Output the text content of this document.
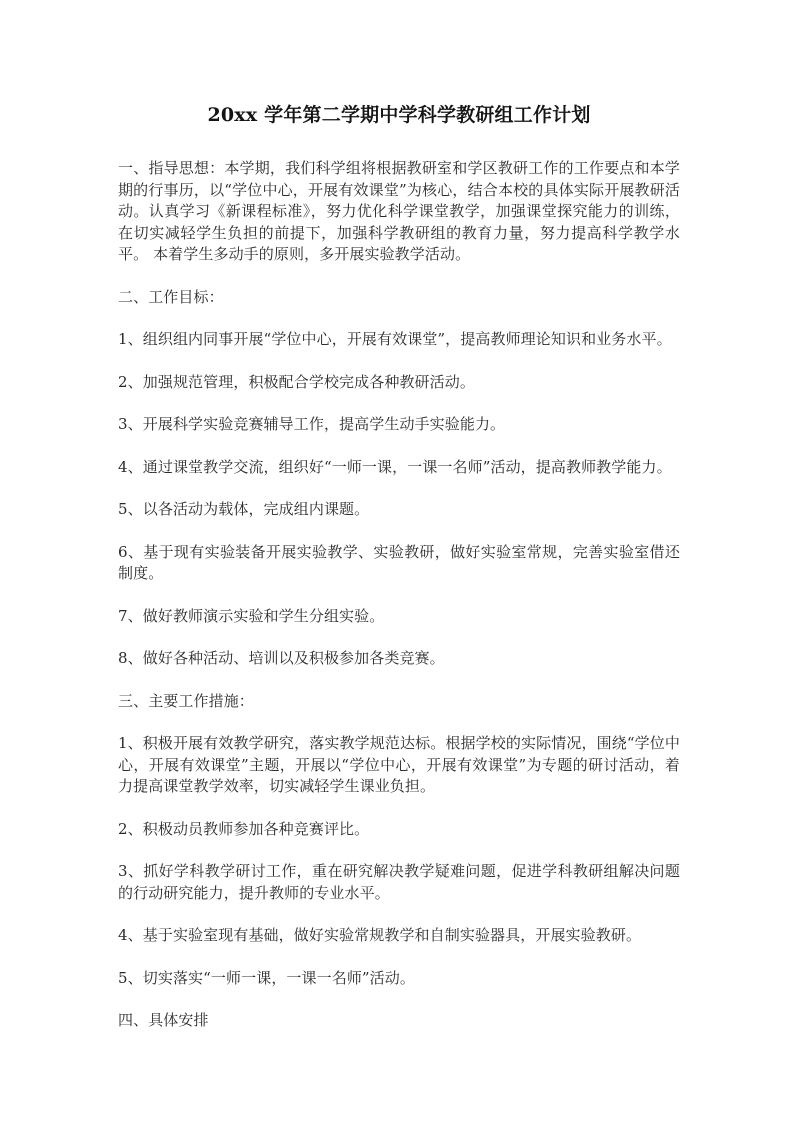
20xx 学年第二学期中学科学教研组工作计划

一、指导思想：本学期，我们科学组将根据教研室和学区教研工作的工作要点和本学期的行事历，以“学位中心，开展有效课堂”为核心，结合本校的具体实际开展教研活动。认真学习《新课程标准》，努力优化科学课堂教学，加强课堂探究能力的训练，在切实减轻学生负担的前提下，加强科学教研组的教育力量，努力提高科学教学水平。 本着学生多动手的原则，多开展实验教学活动。

二、工作目标：

1、组织组内同事开展“学位中心，开展有效课堂”，提高教师理论知识和业务水平。

2、加强规范管理，积极配合学校完成各种教研活动。

3、开展科学实验竞赛辅导工作，提高学生动手实验能力。

4、通过课堂教学交流，组织好“一师一课，一课一名师”活动，提高教师教学能力。

5、以各活动为载体，完成组内课题。

6、基于现有实验装备开展实验教学、实验教研，做好实验室常规，完善实验室借还制度。

7、做好教师演示实验和学生分组实验。

8、做好各种活动、培训以及积极参加各类竞赛。

三、主要工作措施：

1、积极开展有效教学研究，落实教学规范达标。根据学校的实际情况，围绕“学位中心，开展有效课堂”主题，开展以“学位中心，开展有效课堂”为专题的研讨活动，着力提高课堂教学效率，切实减轻学生课业负担。

2、积极动员教师参加各种竞赛评比。

3、抓好学科教学研讨工作，重在研究解决教学疑难问题，促进学科教研组解决问题的行动研究能力，提升教师的专业水平。

4、基于实验室现有基础，做好实验常规教学和自制实验器具，开展实验教研。

5、切实落实“一师一课，一课一名师”活动。

四、具体安排
